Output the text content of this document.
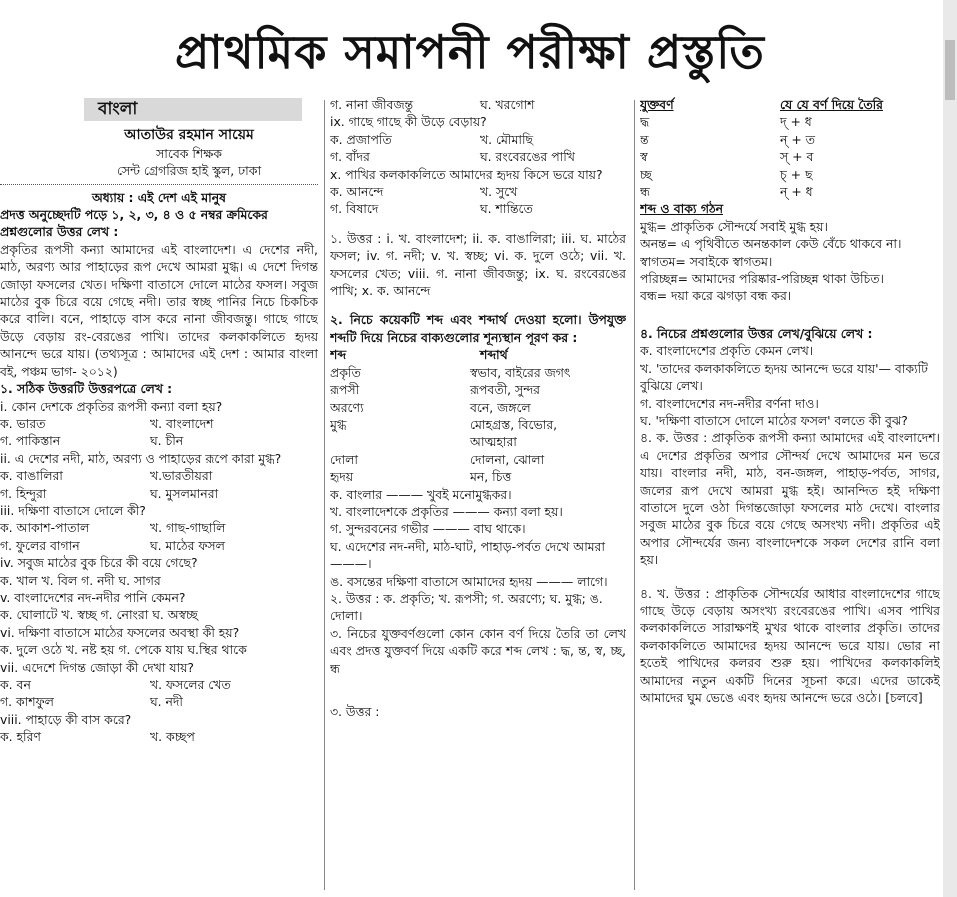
প্রাথমিক সমাপনী পরীক্ষা প্রস্তুতি
বাংলা
আতাউর রহমান সায়েম
সাবেক শিক্ষক
সেন্ট গ্রেগরিজ হাই স্কুল, ঢাকা
অধ্যায় : এই দেশ এই মানুষ
প্রদত্ত অনুচ্ছেদটি পড়ে ১, ২, ৩, ৪ ও ৫ নম্বর ক্রমিকের প্রশ্নগুলোর উত্তর লেখ :
প্রকৃতির রূপসী কন্যা আমাদের এই বাংলাদেশ। এ দেশের নদী, মাঠ, অরণ্য আর পাহাড়ের রূপ দেখে আমরা মুগ্ধ। এ দেশে দিগন্ত জোড়া ফসলের খেত। দক্ষিণা বাতাসে দোলে মাঠের ফসল। সবুজ মাঠের বুক চিরে বয়ে গেছে নদী। তার স্বচ্ছ পানির নিচে চিকচিক করে বালি। বনে, পাহাড়ে বাস করে নানা জীবজন্তু। গাছে গাছে উড়ে বেড়ায় রং-বেরঙের পাখি। তাদের কলকাকলিতে হৃদয় আনন্দে ভরে যায়। (তথ্যসূত্র : আমাদের এই দেশ : আমার বাংলা বই, পঞ্চম ভাগ- ২০১২)
১. সঠিক উত্তরটি উত্তরপত্রে লেখ :
i. কোন দেশকে প্রকৃতির রূপসী কন্যা বলা হয়?
ক. ভারত	খ. বাংলাদেশ
গ. পাকিস্তান	ঘ. চীন
ii. এ দেশের নদী, মাঠ, অরণ্য ও পাহাড়ের রূপে কারা মুগ্ধ?
ক. বাঙালিরা	খ.ভারতীয়রা
গ. হিন্দুরা	ঘ. মুসলমানরা
iii. দক্ষিণা বাতাসে দোলে কী?
ক. আকাশ-পাতাল	খ. গাছ-গাছালি
গ. ফুলের বাগান	ঘ. মাঠের ফসল
iv. সবুজ মাঠের বুক চিরে কী বয়ে গেছে?
ক. খাল খ. বিল গ. নদী ঘ. সাগর
v. বাংলাদেশের নদ-নদীর পানি কেমন?
ক. ঘোলাটে খ. স্বচ্ছ গ. নোংরা ঘ. অস্বচ্ছ
vi. দক্ষিণা বাতাসে মাঠের ফসলের অবস্থা কী হয়?
ক. দুলে ওঠে খ. নষ্ট হয় গ. পেকে যায় ঘ.স্থির থাকে
vii. এদেশে দিগন্ত জোড়া কী দেখা যায়?
ক. বন	খ. ফসলের খেত
গ. কাশফুল	ঘ. নদী
viii. পাহাড়ে কী বাস করে?
ক. হরিণ	খ. কচ্ছপ
গ. নানা জীবজন্তু	ঘ. খরগোশ
ix. গাছে গাছে কী উড়ে বেড়ায়?
ক. প্রজাপতি	খ. মৌমাছি
গ. বাঁদর	ঘ. রংবেরঙের পাখি
x. পাখির কলকাকলিতে আমাদের হৃদয় কিসে ভরে যায়?
ক. আনন্দে	খ. সুখে
গ. বিষাদে	ঘ. শান্তিতে
১. উত্তর : i. খ. বাংলাদেশ; ii. ক. বাঙালিরা; iii. ঘ. মাঠের ফসল; iv. গ. নদী; v. খ. স্বচ্ছ; vi. ক. দুলে ওঠে; vii. খ. ফসলের খেত; viii. গ. নানা জীবজন্তু; ix. ঘ. রংবেরঙের পাখি; x. ক. আনন্দে
২. নিচে কয়েকটি শব্দ এবং শব্দার্থ দেওয়া হলো। উপযুক্ত শব্দটি দিয়ে নিচের বাক্যগুলোর শূন্যস্থান পূরণ কর :
শব্দ	শব্দার্থ
প্রকৃতি	স্বভাব, বাইরের জগৎ
রূপসী	রূপবতী, সুন্দর
অরণ্যে	বনে, জঙ্গলে
মুগ্ধ	মোহগ্রস্ত, বিভোর,
আত্মহারা
দোলা	দোলনা, ঝোলা
হৃদয়	মন, চিত্ত
ক. বাংলার ——— খুবই মনোমুগ্ধকর।
খ. বাংলাদেশকে প্রকৃতির ——— কন্যা বলা হয়।
গ. সুন্দরবনের গভীর ——— বাঘ থাকে।
ঘ. এদেশের নদ-নদী, মাঠ-ঘাট, পাহাড়-পর্বত দেখে আমরা ———।
ঙ. বসন্তের দক্ষিণা বাতাসে আমাদের হৃদয় ——— লাগে।
২. উত্তর : ক. প্রকৃতি; খ. রূপসী; গ. অরণ্যে; ঘ. মুগ্ধ; ঙ. দোলা।
৩. নিচের যুক্তবর্ণগুলো কোন কোন বর্ণ দিয়ে তৈরি তা লেখ এবং প্রদত্ত যুক্তবর্ণ দিয়ে একটি করে শব্দ লেখ : দ্ধ, ন্ত, স্ব, চ্ছ, ন্ধ
৩. উত্তর :
যুক্তবর্ণ	যে যে বর্ণ দিয়ে তৈরি
দ্ধ	দ্‌ + ধ
ন্ত	ন্‌ + ত
স্ব	স্‌ + ব
চ্ছ	চ্‌ + ছ
ন্ধ	ন্‌ + ধ
শব্দ ও বাক্য গঠন
মুগ্ধ= প্রাকৃতিক সৌন্দর্যে সবাই মুগ্ধ হয়।
অনন্ত= এ পৃথিবীতে অনন্তকাল কেউ বেঁচে থাকবে না।
স্বাগতম= সবাইকে স্বাগতম।
পরিচ্ছন্ন= আমাদের পরিষ্কার-পরিচ্ছন্ন থাকা উচিত।
বন্ধ= দয়া করে ঝগড়া বন্ধ কর।
৪. নিচের প্রশ্নগুলোর উত্তর লেখ/বুঝিয়ে লেখ :
ক. বাংলাদেশের প্রকৃতি কেমন লেখ।
খ. 'তাদের কলকাকলিতে হৃদয় আনন্দে ভরে যায়'— বাক্যটি বুঝিয়ে লেখ।
গ. বাংলাদেশের নদ-নদীর বর্ণনা দাও।
ঘ. 'দক্ষিণা বাতাসে দোলে মাঠের ফসল' বলতে কী বুঝ?
৪. ক. উত্তর : প্রাকৃতিক রূপসী কন্যা আমাদের এই বাংলাদেশ। এ দেশের প্রকৃতির অপার সৌন্দর্য দেখে আমাদের মন ভরে যায়। বাংলার নদী, মাঠ, বন-জঙ্গল, পাহাড়-পর্বত, সাগর, জলের রূপ দেখে আমরা মুগ্ধ হই। আনন্দিত হই দক্ষিণা বাতাসে দুলে ওঠা দিগন্তজোড়া ফসলের মাঠ দেখে। বাংলার সবুজ মাঠের বুক চিরে বয়ে গেছে অসংখ্য নদী। প্রকৃতির এই অপার সৌন্দর্যের জন্য বাংলাদেশকে সকল দেশের রানি বলা হয়।
৪. খ. উত্তর : প্রাকৃতিক সৌন্দর্যের আধার বাংলাদেশের গাছে গাছে উড়ে বেড়ায় অসংখ্য রংবেরঙের পাখি। এসব পাখির কলকাকলিতে সারাক্ষণই মুখর থাকে বাংলার প্রকৃতি। তাদের কলকাকলিতে আমাদের হৃদয় আনন্দে ভরে যায়। ভোর না হতেই পাখিদের কলরব শুরু হয়। পাখিদের কলকাকলিই আমাদের নতুন একটি দিনের সূচনা করে। এদের ডাকেই আমাদের ঘুম ভেঙে এবং হৃদয় আনন্দে ভরে ওঠে। [চলবে]
